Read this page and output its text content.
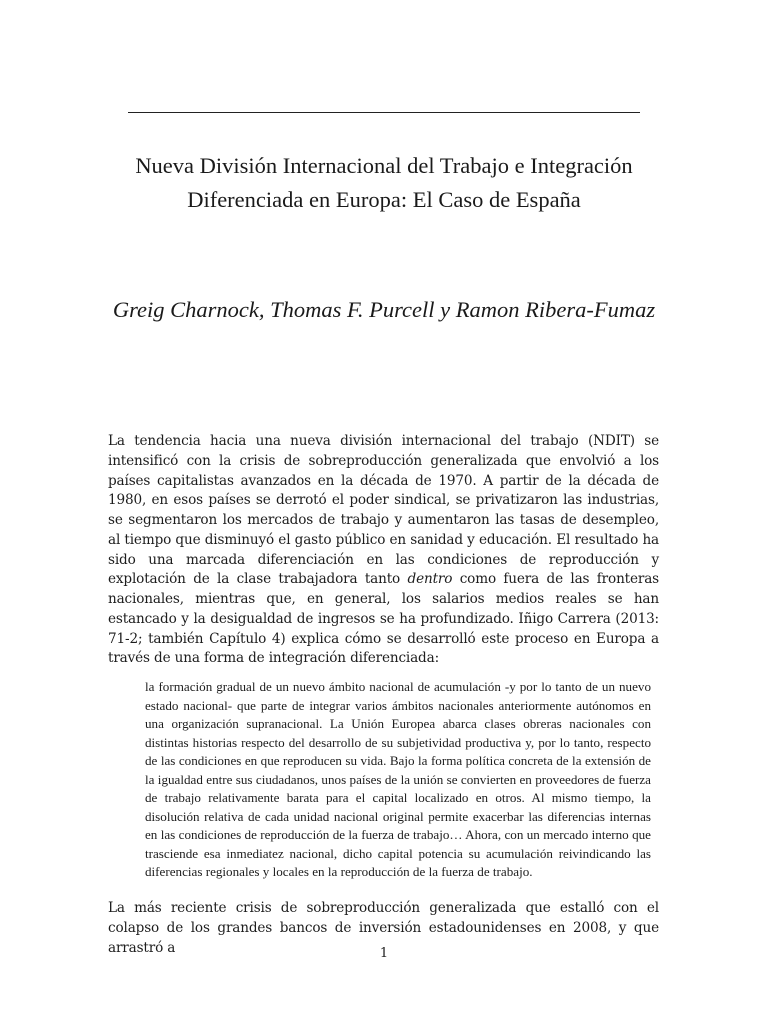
Nueva División Internacional del Trabajo e Integración Diferenciada en Europa: El Caso de España

Greig Charnock, Thomas F. Purcell y Ramon Ribera-Fumaz

La tendencia hacia una nueva división internacional del trabajo (NDIT) se intensificó con la crisis de sobreproducción generalizada que envolvió a los países capitalistas avanzados en la década de 1970. A partir de la década de 1980, en esos países se derrotó el poder sindical, se privatizaron las industrias, se segmentaron los mercados de trabajo y aumentaron las tasas de desempleo, al tiempo que disminuyó el gasto público en sanidad y educación. El resultado ha sido una marcada diferenciación en las condiciones de reproducción y explotación de la clase trabajadora tanto dentro como fuera de las fronteras nacionales, mientras que, en general, los salarios medios reales se han estancado y la desigualdad de ingresos se ha profundizado. Iñigo Carrera (2013: 71-2; también Capítulo 4) explica cómo se desarrolló este proceso en Europa a través de una forma de integración diferenciada:

la formación gradual de un nuevo ámbito nacional de acumulación -y por lo tanto de un nuevo estado nacional- que parte de integrar varios ámbitos nacionales anteriormente autónomos en una organización supranacional. La Unión Europea abarca clases obreras nacionales con distintas historias respecto del desarrollo de su subjetividad productiva y, por lo tanto, respecto de las condiciones en que reproducen su vida. Bajo la forma política concreta de la extensión de la igualdad entre sus ciudadanos, unos países de la unión se convierten en proveedores de fuerza de trabajo relativamente barata para el capital localizado en otros. Al mismo tiempo, la disolución relativa de cada unidad nacional original permite exacerbar las diferencias internas en las condiciones de reproducción de la fuerza de trabajo… Ahora, con un mercado interno que trasciende esa inmediatez nacional, dicho capital potencia su acumulación reivindicando las diferencias regionales y locales en la reproducción de la fuerza de trabajo.

La más reciente crisis de sobreproducción generalizada que estalló con el colapso de los grandes bancos de inversión estadounidenses en 2008, y que arrastró a	1
